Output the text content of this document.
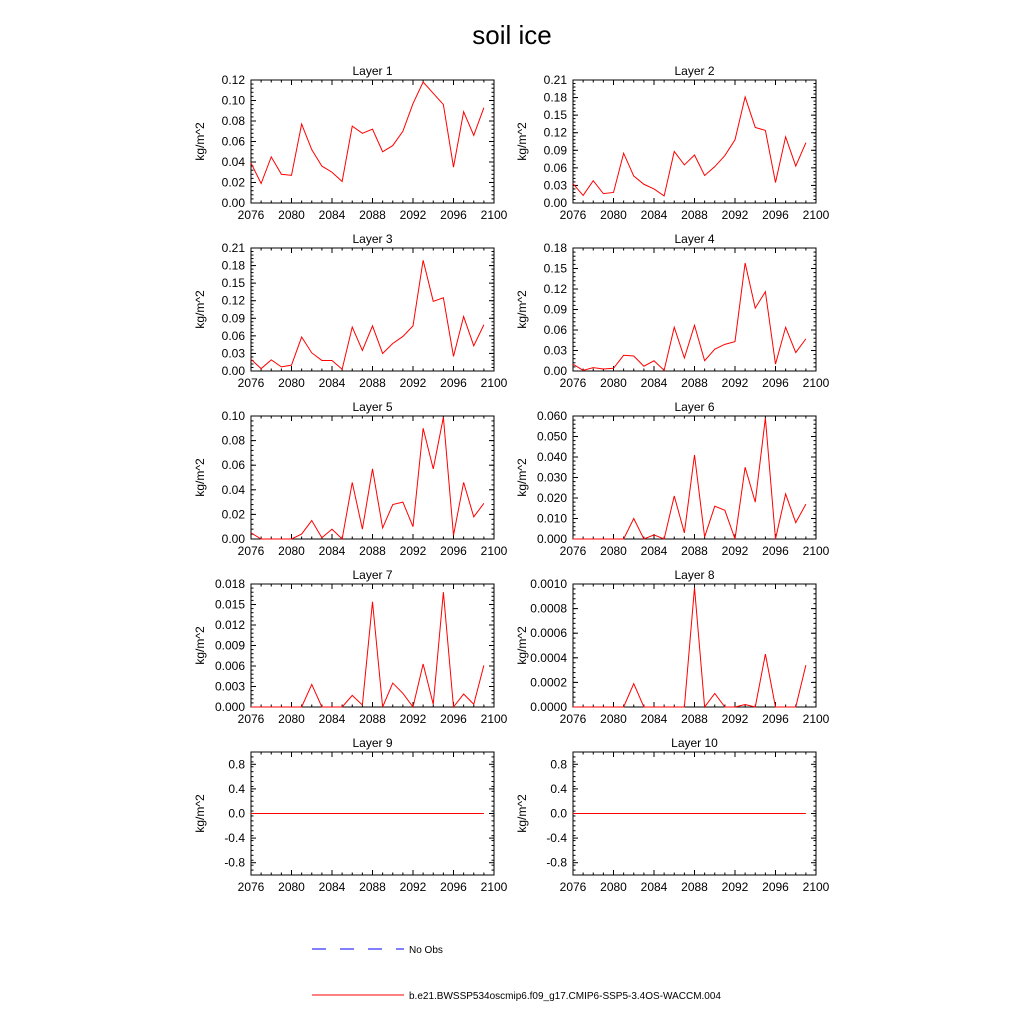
soil ice
Layer 1
kg/m^2
2076 2080 2084 2088 2092 2096 2100
0.00
0.02
0.04
0.06
0.08
0.10
0.12
Layer 2
kg/m^2
2076 2080 2084 2088 2092 2096 2100
0.00
0.03
0.06
0.09
0.12
0.15
0.18
0.21
Layer 3
kg/m^2
2076 2080 2084 2088 2092 2096 2100
0.00
0.03
0.06
0.09
0.12
0.15
0.18
0.21
Layer 4
kg/m^2
2076 2080 2084 2088 2092 2096 2100
0.00
0.03
0.06
0.09
0.12
0.15
0.18
Layer 5
kg/m^2
2076 2080 2084 2088 2092 2096 2100
0.00
0.02
0.04
0.06
0.08
0.10
Layer 6
kg/m^2
2076 2080 2084 2088 2092 2096 2100
0.000
0.010
0.020
0.030
0.040
0.050
0.060
Layer 7
kg/m^2
2076 2080 2084 2088 2092 2096 2100
0.000
0.003
0.006
0.009
0.012
0.015
0.018
Layer 8
kg/m^2
2076 2080 2084 2088 2092 2096 2100
0.0000
0.0002
0.0004
0.0006
0.0008
0.0010
Layer 9
kg/m^2
2076 2080 2084 2088 2092 2096 2100
-0.8
-0.4
0.0
0.4
0.8
Layer 10
kg/m^2
2076 2080 2084 2088 2092 2096 2100
-0.8
-0.4
0.0
0.4
0.8
No Obs
b.e21.BWSSP534oscmip6.f09_g17.CMIP6-SSP5-3.4OS-WACCM.004
